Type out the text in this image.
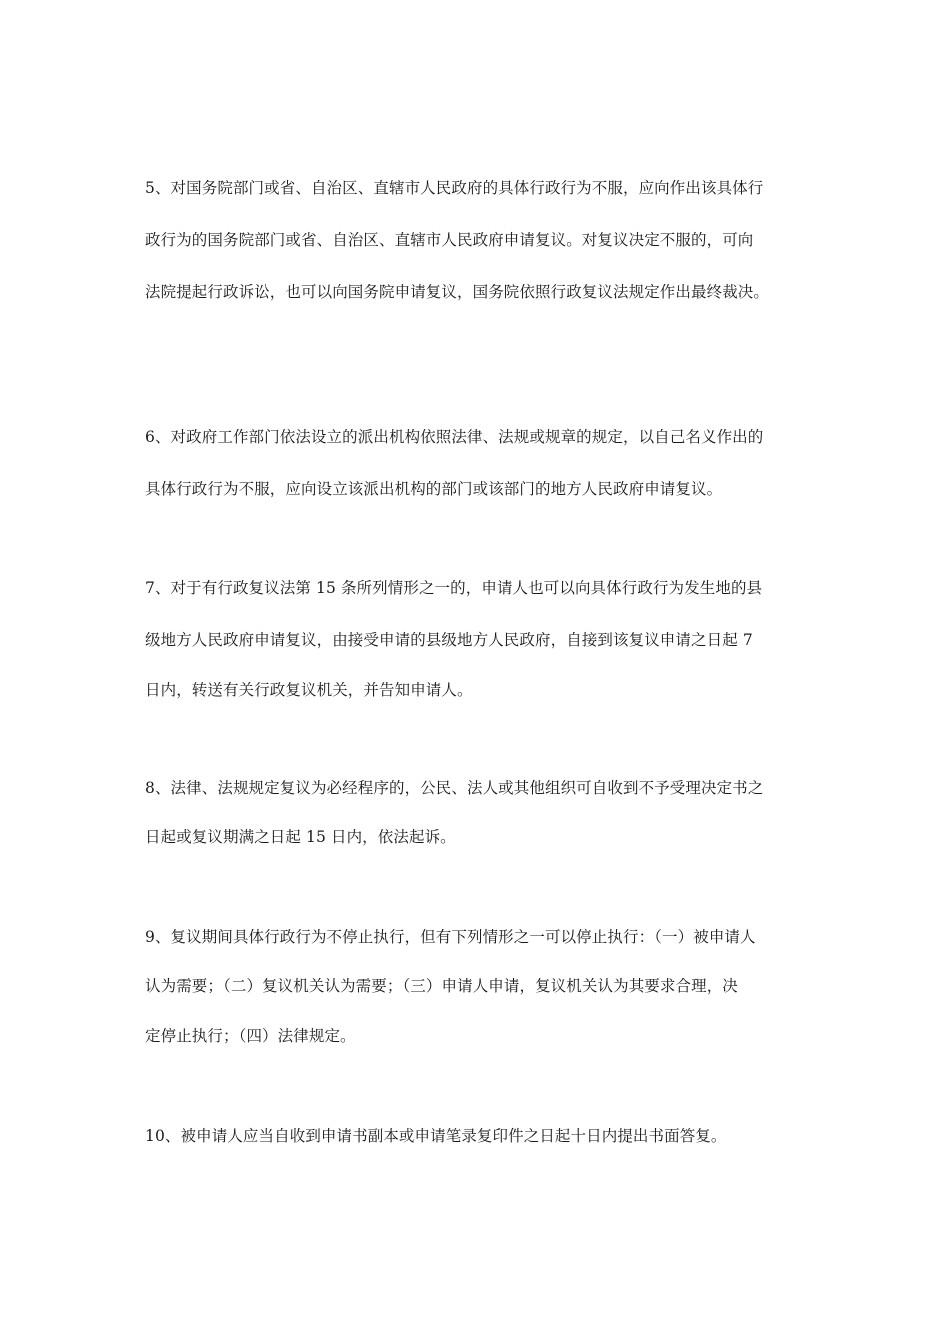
5、对国务院部门或省、自治区、直辖市人民政府的具体行政行为不服，应向作出该具体行
政行为的国务院部门或省、自治区、直辖市人民政府申请复议。对复议决定不服的，可向
法院提起行政诉讼，也可以向国务院申请复议，国务院依照行政复议法规定作出最终裁决。
6、对政府工作部门依法设立的派出机构依照法律、法规或规章的规定，以自己名义作出的
具体行政行为不服，应向设立该派出机构的部门或该部门的地方人民政府申请复议。
7、对于有行政复议法第 15 条所列情形之一的，申请人也可以向具体行政行为发生地的县
级地方人民政府申请复议，由接受申请的县级地方人民政府，自接到该复议申请之日起 7
日内，转送有关行政复议机关，并告知申请人。
8、法律、法规规定复议为必经程序的，公民、法人或其他组织可自收到不予受理决定书之
日起或复议期满之日起 15 日内，依法起诉。
9、复议期间具体行政行为不停止执行，但有下列情形之一可以停止执行：（一）被申请人
认为需要；（二）复议机关认为需要；（三）申请人申请，复议机关认为其要求合理，决
定停止执行；（四）法律规定。
10、被申请人应当自收到申请书副本或申请笔录复印件之日起十日内提出书面答复。
